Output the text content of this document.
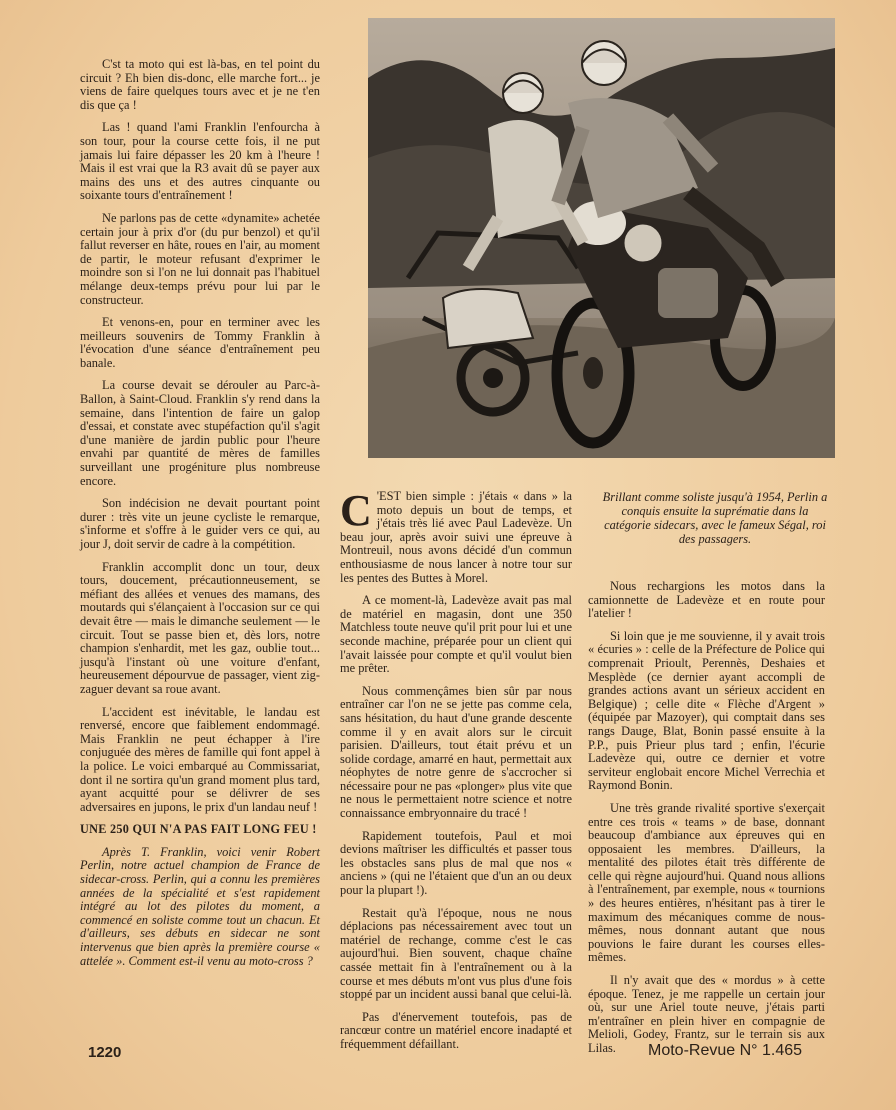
C'st ta moto qui est là-bas, en tel point du circuit ? Eh bien dis-donc, elle marche fort... je viens de faire quelques tours avec et je ne t'en dis que ça !

Las ! quand l'ami Franklin l'enfourcha à son tour, pour la course cette fois, il ne put jamais lui faire dépasser les 20 km à l'heure ! Mais il est vrai que la R3 avait dû se payer aux mains des uns et des autres cinquante ou soixante tours d'entraînement !

Ne parlons pas de cette «dynamite» achetée certain jour à prix d'or (du pur benzol) et qu'il fallut reverser en hâte, roues en l'air, au moment de partir, le moteur refusant d'exprimer le moindre son si l'on ne lui donnait pas l'habituel mélange deux-temps prévu pour lui par le constructeur.

Et venons-en, pour en terminer avec les meilleurs souvenirs de Tommy Franklin à l'évocation d'une séance d'entraînement peu banale.

La course devait se dérouler au Parc-à-Ballon, à Saint-Cloud. Franklin s'y rend dans la semaine, dans l'intention de faire un galop d'essai, et constate avec stupéfaction qu'il s'agit d'une manière de jardin public pour l'heure envahi par quantité de mères de familles surveillant une progéniture plus nombreuse encore.

Son indécision ne devait pourtant point durer : très vite un jeune cycliste le remarque, s'informe et s'offre à le guider vers ce qui, au jour J, doit servir de cadre à la compétition.

Franklin accomplit donc un tour, deux tours, doucement, précautionneusement, se méfiant des allées et venues des mamans, des moutards qui s'élançaient à l'occasion sur ce qui devait être — mais le dimanche seulement — le circuit. Tout se passe bien et, dès lors, notre champion s'enhardit, met les gaz, oublie tout... jusqu'à l'instant où une voiture d'enfant, heureusement dépourvue de passager, vient zig-zaguer devant sa roue avant.

L'accident est inévitable, le landau est renversé, encore que faiblement endommagé. Mais Franklin ne peut échapper à l'ire conjuguée des mères de famille qui font appel à la police. Le voici embarqué au Commissariat, dont il ne sortira qu'un grand moment plus tard, ayant acquitté pour se délivrer de ses adversaires en jupons, le prix d'un landau neuf !

UNE 250 QUI N'A PAS FAIT LONG FEU !

Après T. Franklin, voici venir Robert Perlin, notre actuel champion de France de sidecar-cross. Perlin, qui a connu les premières années de la spécialité et s'est rapidement intégré au lot des pilotes du moment, a commencé en soliste comme tout un chacun. Et d'ailleurs, ses débuts en sidecar ne sont intervenus que bien après la première course « attelée ». Comment est-il venu au moto-cross ?

C 'EST bien simple : j'étais « dans » la moto depuis un bout de temps, et j'étais très lié avec Paul Ladevèze. Un beau jour, après avoir suivi une épreuve à Montreuil, nous avons décidé d'un commun enthousiasme de nous lancer à notre tour sur les pentes des Buttes à Morel.

A ce moment-là, Ladevèze avait pas mal de matériel en magasin, dont une 350 Matchless toute neuve qu'il prit pour lui et une seconde machine, préparée pour un client qui l'avait laissée pour compte et qu'il voulut bien me prêter.

Nous commençâmes bien sûr par nous entraîner car l'on ne se jette pas comme cela, sans hésitation, du haut d'une grande descente comme il y en avait alors sur le circuit parisien. D'ailleurs, tout était prévu et un solide cordage, amarré en haut, permettait aux néophytes de notre genre de s'accrocher si nécessaire pour ne pas «plonger» plus vite que ne nous le permettaient notre science et notre connaissance embryonnaire du tracé !

Rapidement toutefois, Paul et moi devions maîtriser les difficultés et passer tous les obstacles sans plus de mal que nos « anciens » (qui ne l'étaient que d'un an ou deux pour la plupart !).

Restait qu'à l'époque, nous ne nous déplacions pas nécessairement avec tout un matériel de rechange, comme c'est le cas aujourd'hui. Bien souvent, chaque chaîne cassée mettait fin à l'entraînement ou à la course et mes débuts m'ont vus plus d'une fois stoppé par un incident aussi banal que celui-là.

Pas d'énervement toutefois, pas de rancœur contre un matériel encore inadapté et fréquemment défaillant.

Brillant comme soliste jusqu'à 1954, Perlin a conquis ensuite la suprématie dans la catégorie sidecars, avec le fameux Ségal, roi des passagers.

Nous rechargions les motos dans la camionnette de Ladevèze et en route pour l'atelier !

Si loin que je me souvienne, il y avait trois « écuries » : celle de la Préfecture de Police qui comprenait Prioult, Perennès, Deshaies et Mesplède (ce dernier ayant accompli de grandes actions avant un sérieux accident en Belgique) ; celle dite « Flèche d'Argent » (équipée par Mazoyer), qui comptait dans ses rangs Dauge, Blat, Bonin passé ensuite à la P.P., puis Prieur plus tard ; enfin, l'écurie Ladevèze qui, outre ce dernier et votre serviteur englobait encore Michel Verrechia et Raymond Bonin.

Une très grande rivalité sportive s'exerçait entre ces trois « teams » de base, donnant beaucoup d'ambiance aux épreuves qui en opposaient les membres. D'ailleurs, la mentalité des pilotes était très différente de celle qui règne aujourd'hui. Quand nous allions à l'entraînement, par exemple, nous « tournions » des heures entières, n'hésitant pas à tirer le maximum des mécaniques comme de nous-mêmes, nous donnant autant que nous pouvions le faire durant les courses elles-mêmes.

Il n'y avait que des « mordus » à cette époque. Tenez, je me rappelle un certain jour où, sur une Ariel toute neuve, j'étais parti m'entraîner en plein hiver en compagnie de Melioli, Godey, Frantz, sur le terrain sis aux Lilas.

1220	Moto-Revue N° 1.465
